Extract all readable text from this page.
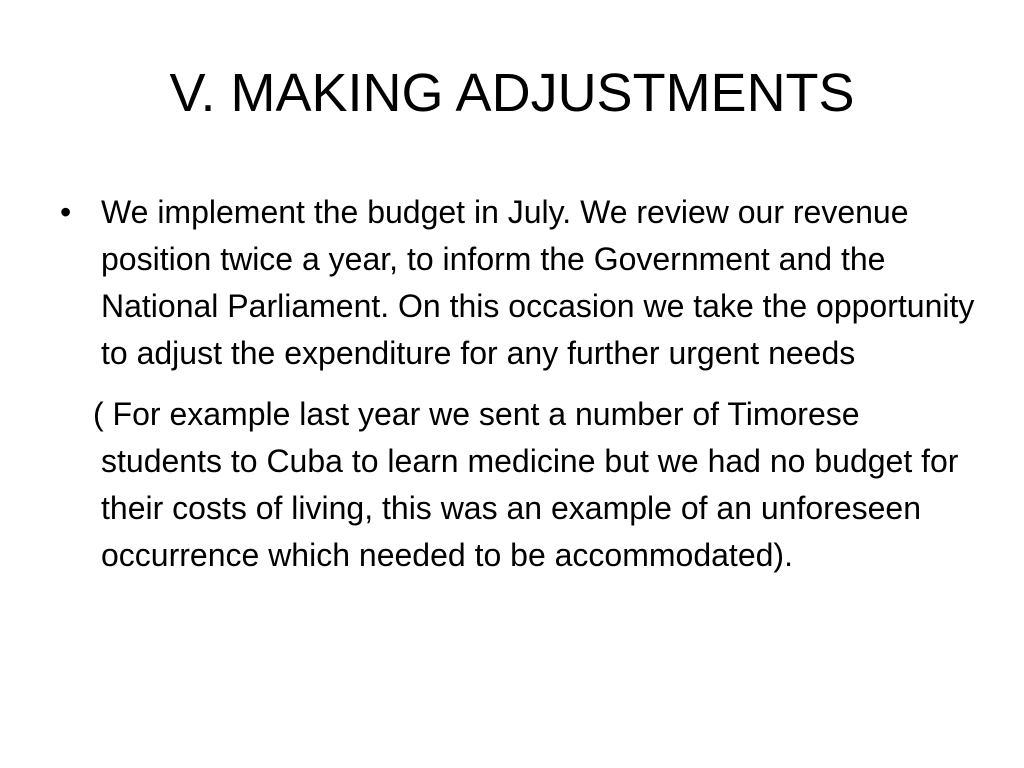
V. MAKING ADJUSTMENTS
• We implement the budget in July. We review our revenue position twice a year, to inform the Government and the National Parliament. On this occasion we take the opportunity to adjust the expenditure for any further urgent needs

( For example last year we sent a number of Timorese students to Cuba to learn medicine but we had no budget for their costs of living, this was an example of an unforeseen occurrence which needed to be accommodated).
